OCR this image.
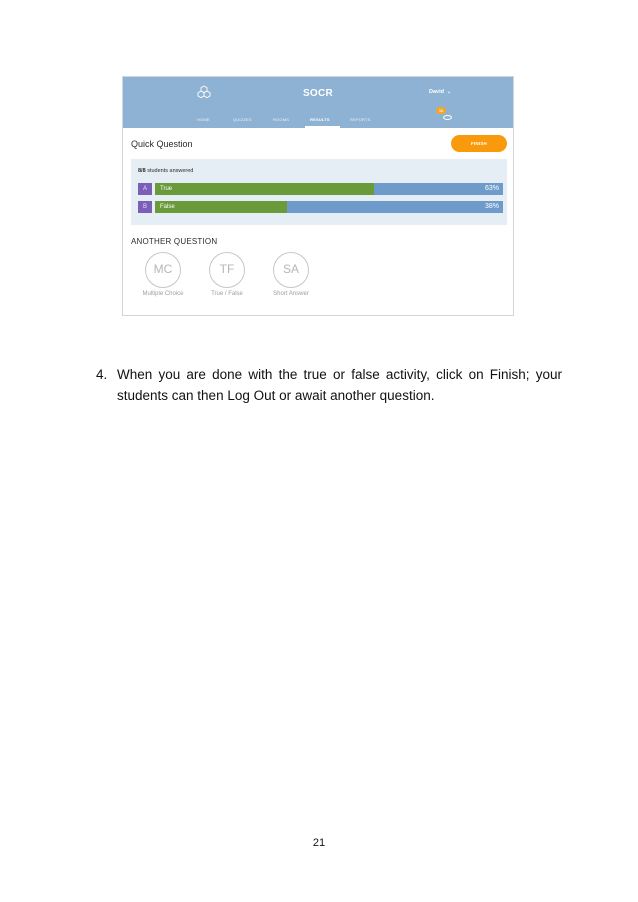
SOCR	David ⌄
11
HOME	QUIZZES	ROOMS	RESULTS	REPORTS
Quick Question	FINISH
8/8 students answered
A	True	63%
B	False	38%
ANOTHER QUESTION
MC
Multiple Choice
TF
True / False
SA
Short Answer
4. When you are done with the true or false activity, click on Finish; your students can then Log Out or await another question.
21
